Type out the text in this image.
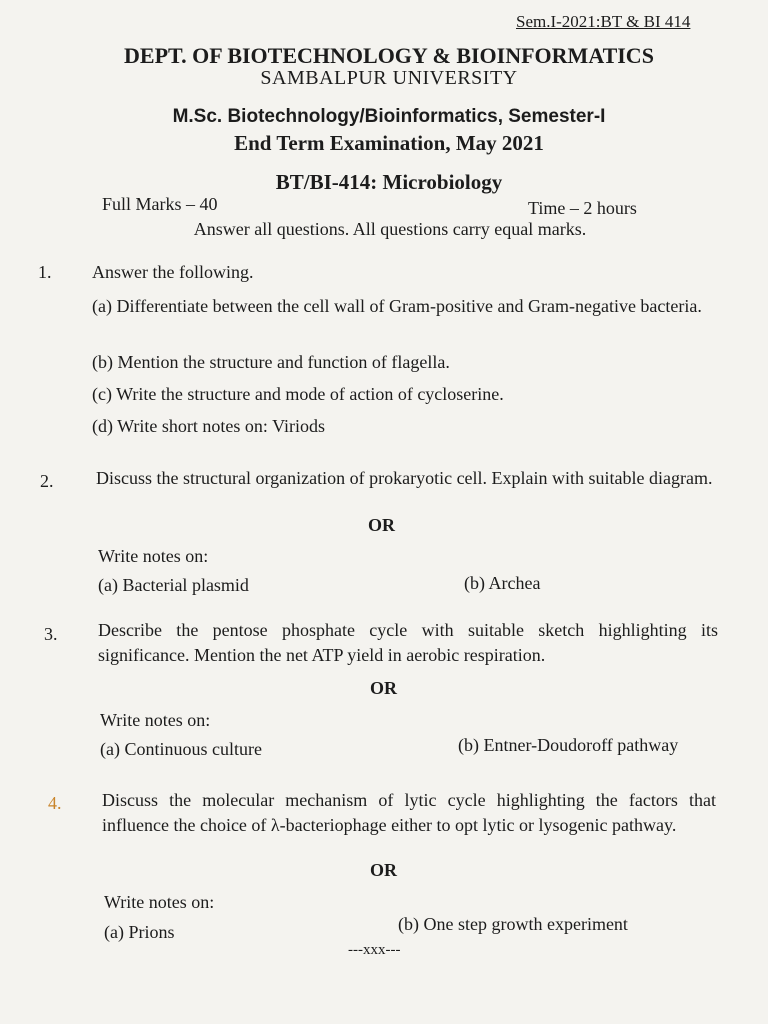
Sem.I-2021:BT & BI 414
DEPT. OF BIOTECHNOLOGY & BIOINFORMATICS
SAMBALPUR UNIVERSITY
M.Sc. Biotechnology/Bioinformatics, Semester-I
End Term Examination, May 2021
BT/BI-414: Microbiology
Full Marks – 40	Time – 2 hours
Answer all questions. All questions carry equal marks.
1. Answer the following.
(a) Differentiate between the cell wall of Gram-positive and Gram-negative bacteria.
(b) Mention the structure and function of flagella.
(c) Write the structure and mode of action of cycloserine.
(d) Write short notes on: Viriods
2. Discuss the structural organization of prokaryotic cell. Explain with suitable diagram.
OR
Write notes on:
(a) Bacterial plasmid	(b) Archea
3. Describe the pentose phosphate cycle with suitable sketch highlighting its significance. Mention the net ATP yield in aerobic respiration.
OR
Write notes on:
(a) Continuous culture	(b) Entner-Doudoroff pathway
4. Discuss the molecular mechanism of lytic cycle highlighting the factors that influence the choice of λ-bacteriophage either to opt lytic or lysogenic pathway.
OR
Write notes on:
(a) Prions	(b) One step growth experiment
---xxx---
